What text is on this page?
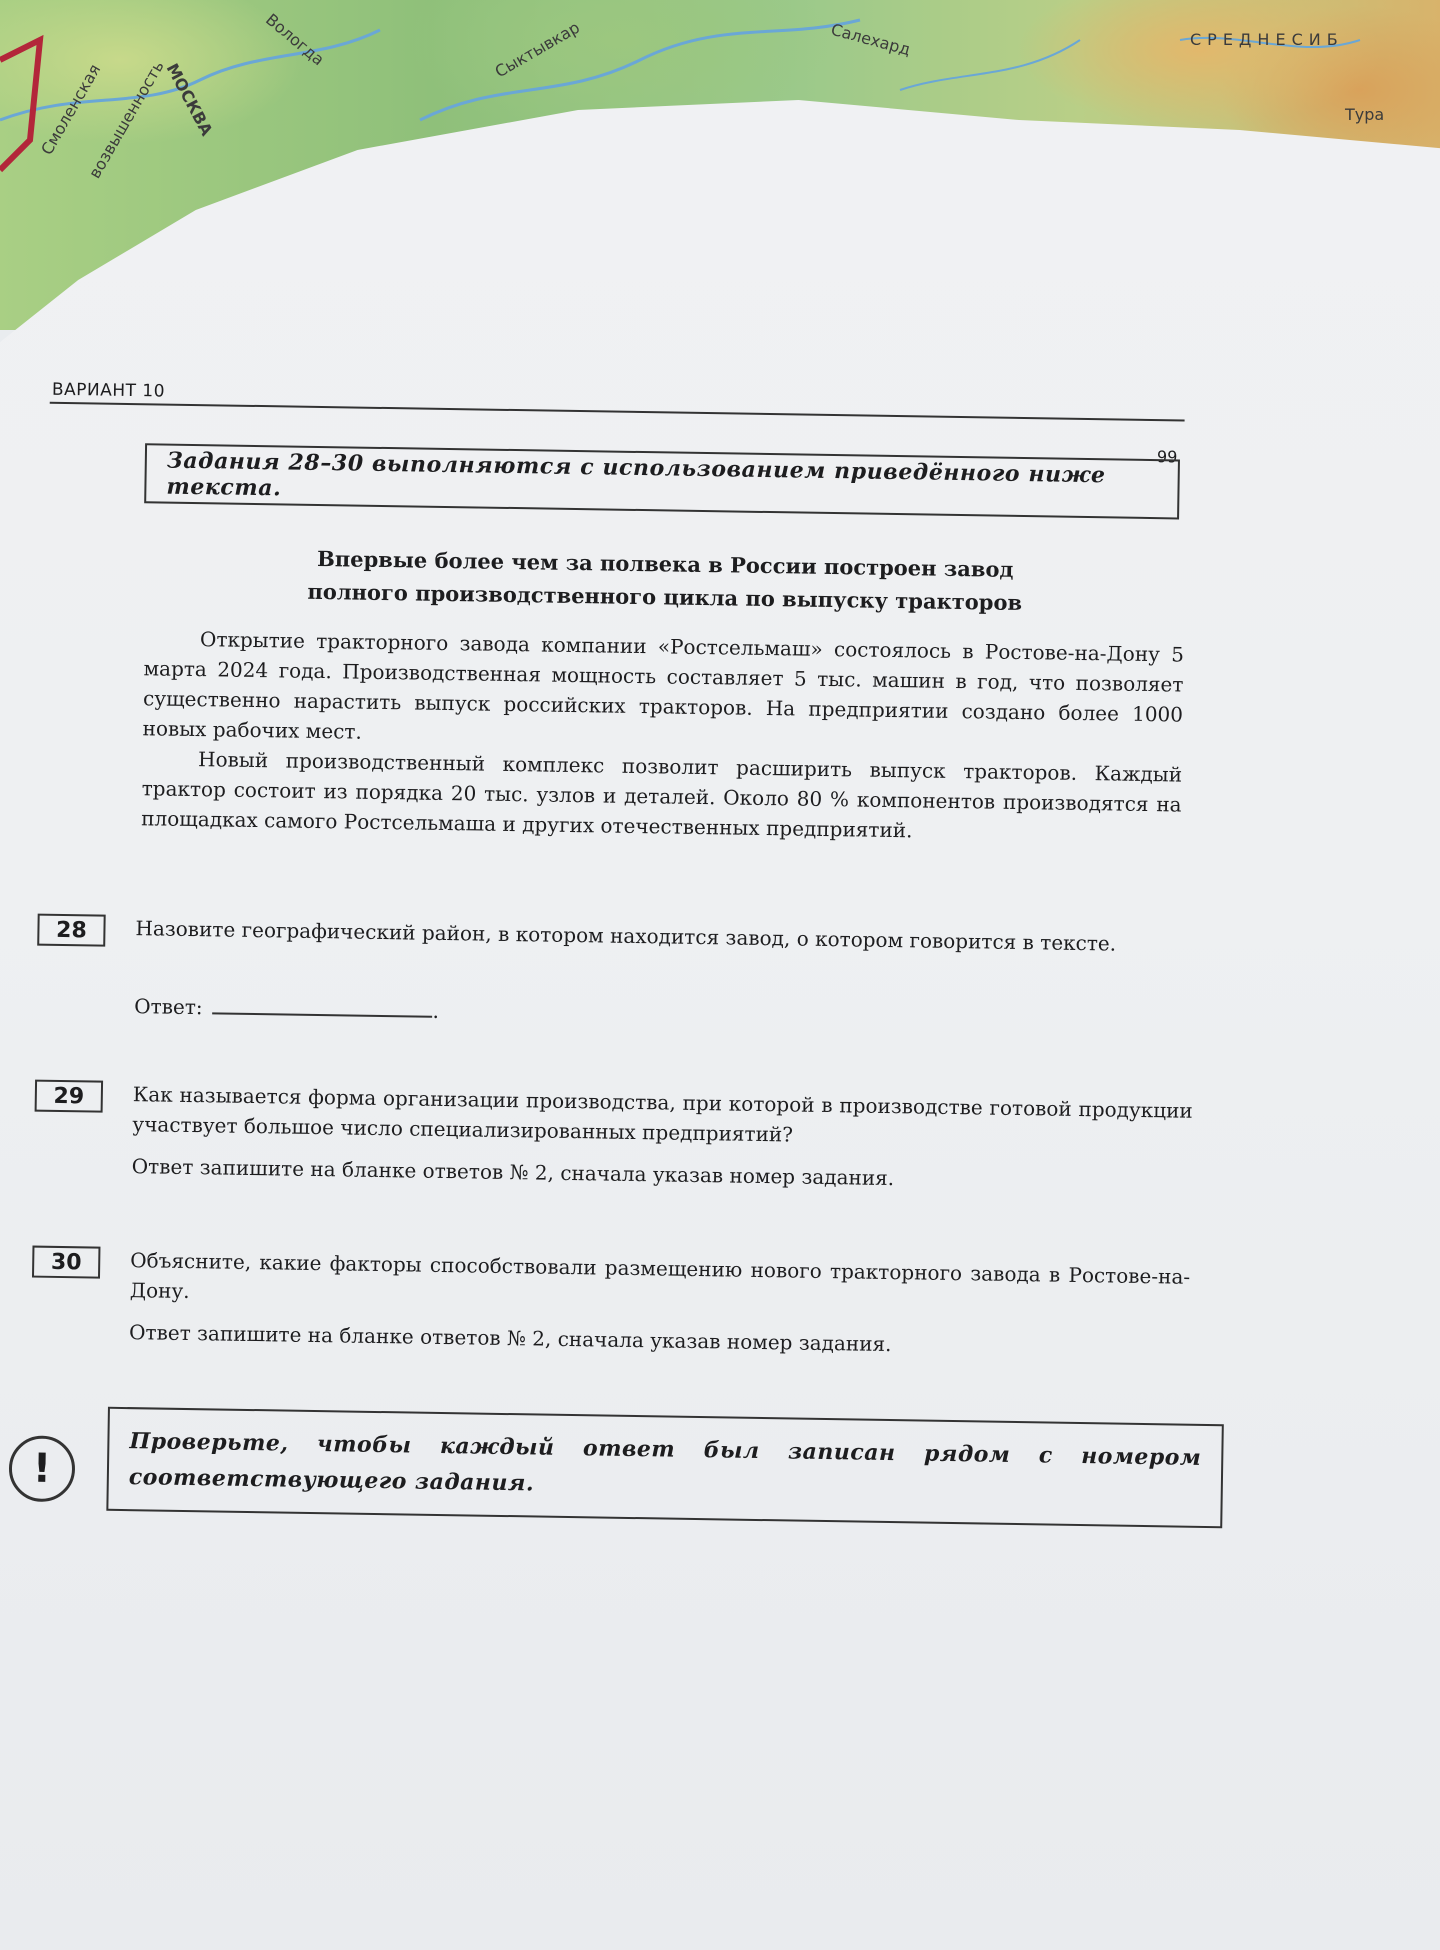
Смоленская
возвышенность
МОСКВА
Вологда	Сыктывкар	Салехард	СРЕДНЕСИБ
Тура
ВАРИАНТ 10
99
Задания 28–30 выполняются с использованием приведённого ниже текста.
Впервые более чем за полвека в России построен завод
полного производственного цикла по выпуску тракторов

Открытие тракторного завода компании «Ростсельмаш» состоялось в Ростове-на-Дону 5 марта 2024 года. Производственная мощность составляет 5 тыс. машин в год, что позволяет существенно нарастить выпуск российских тракторов. На предприятии создано более 1000 новых рабочих мест.

Новый производственный комплекс позволит расширить выпуск тракторов. Каждый трактор состоит из порядка 20 тыс. узлов и деталей. Около 80 % компонентов производятся на площадках самого Ростсельмаша и других отечественных предприятий.

28	Назовите географический район, в котором находится завод, о котором говорится в тексте.
Ответ:	.
29	Как называется форма организации производства, при которой в производстве готовой продукции участвует большое число специализированных предприятий?
Ответ запишите на бланке ответов № 2, сначала указав номер задания.
30	Объясните, какие факторы способствовали размещению нового тракторного завода в Ростове-на-Дону.
Ответ запишите на бланке ответов № 2, сначала указав номер задания.
!	Проверьте, чтобы каждый ответ был записан рядом с номером соответствующего задания.
